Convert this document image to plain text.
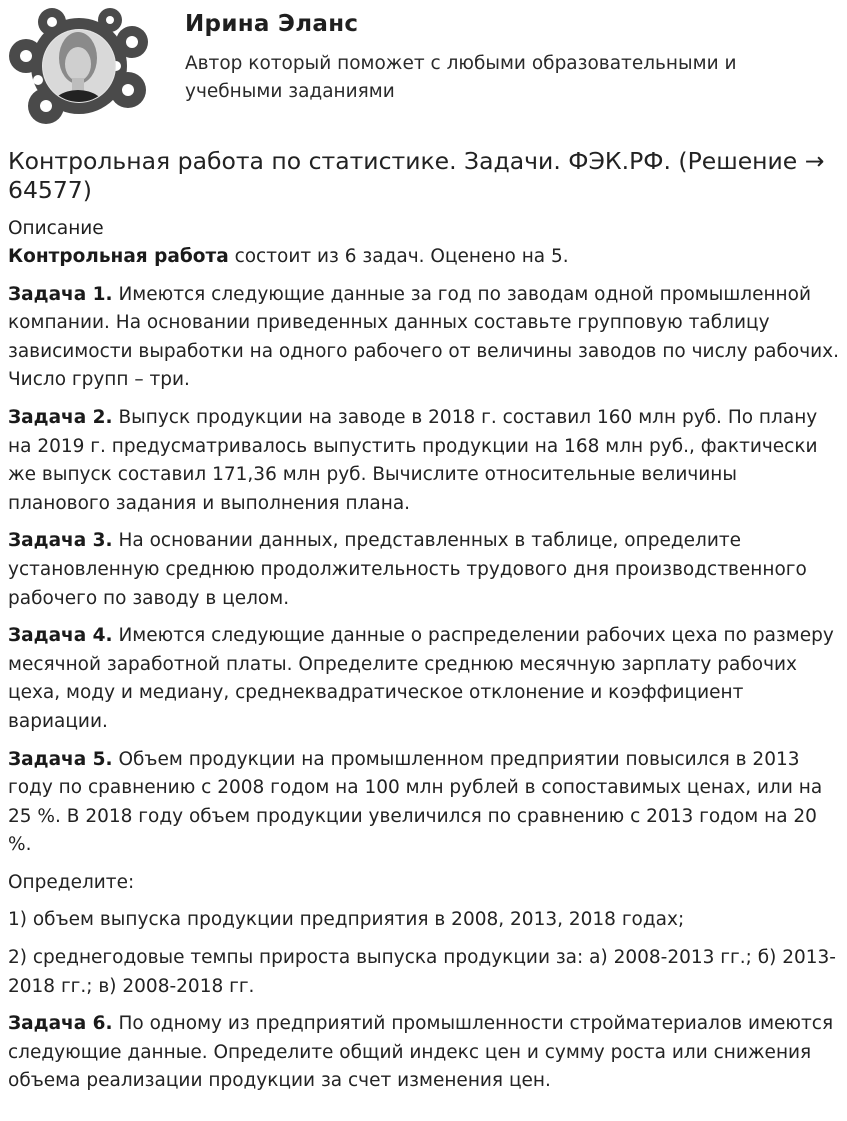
Ирина Эланс
Автор который поможет с любыми образовательными и учебными заданиями
Контрольная работа по статистике. Задачи. ФЭК.РФ. (Решение → 64577)
Описание

Контрольная работа состоит из 6 задач. Оценено на 5.

Задача 1. Имеются следующие данные за год по заводам одной промышленной компании. На основании приведенных данных составьте групповую таблицу зависимости выработки на одного рабочего от величины заводов по числу рабочих. Число групп – три.

Задача 2. Выпуск продукции на заводе в 2018 г. составил 160 млн руб. По плану на 2019 г. предусматривалось выпустить продукции на 168 млн руб., фактически же выпуск составил 171,36 млн руб. Вычислите относительные величины планового задания и выполнения плана.

Задача 3. На основании данных, представленных в таблице, определите установленную среднюю продолжительность трудового дня производственного рабочего по заводу в целом.

Задача 4. Имеются следующие данные о распределении рабочих цеха по размеру месячной заработной платы. Определите среднюю месячную зарплату рабочих цеха, моду и медиану, среднеквадратическое отклонение и коэффициент вариации.

Задача 5. Объем продукции на промышленном предприятии повысился в 2013 году по сравнению с 2008 годом на 100 млн рублей в сопоставимых ценах, или на 25 %. В 2018 году объем продукции увеличился по сравнению с 2013 годом на 20 %.

Определите:

1) объем выпуска продукции предприятия в 2008, 2013, 2018 годах;

2) среднегодовые темпы прироста выпуска продукции за: а) 2008-2013 гг.; б) 2013-2018 гг.; в) 2008-2018 гг.

Задача 6. По одному из предприятий промышленности стройматериалов имеются следующие данные. Определите общий индекс цен и сумму роста или снижения объема реализации продукции за счет изменения цен.
